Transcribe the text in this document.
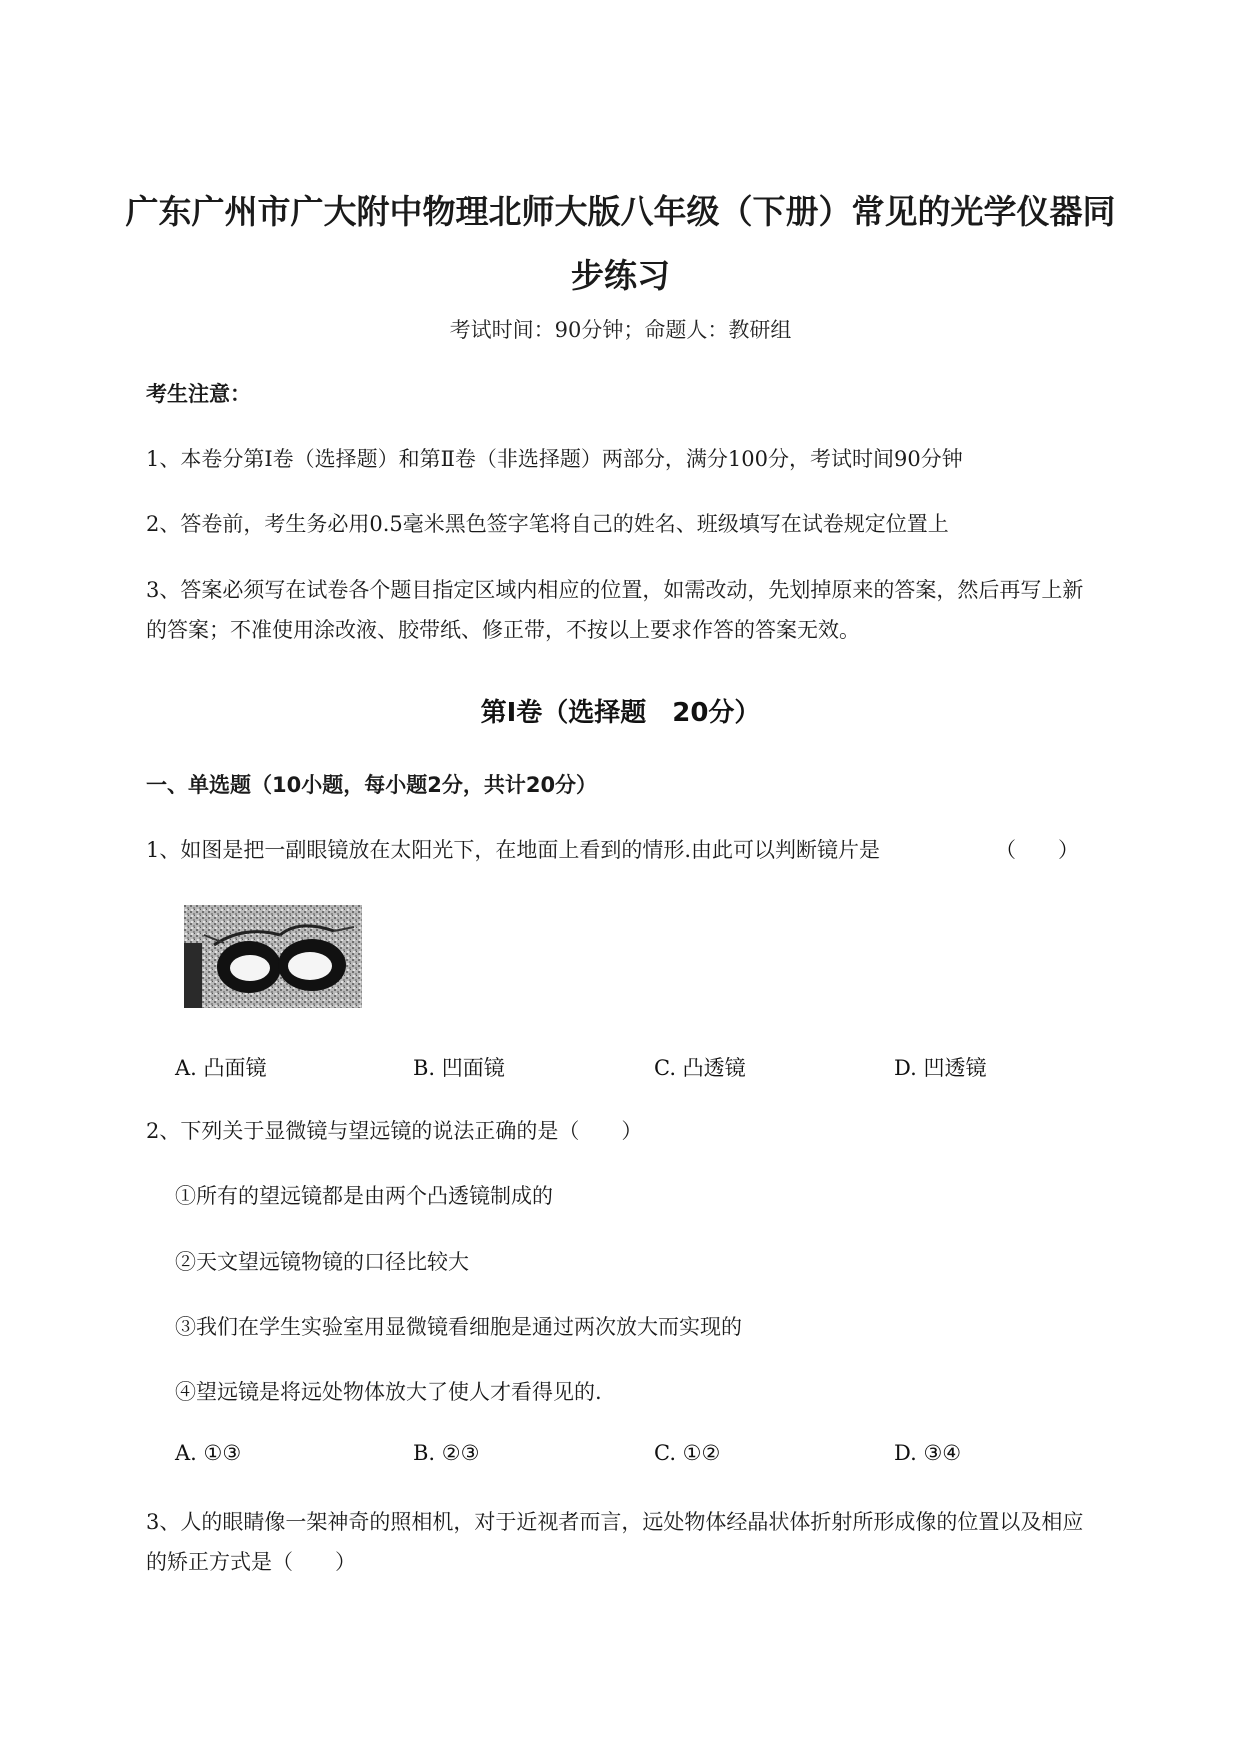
广东广州市广大附中物理北师大版八年级（下册）常见的光学仪器同
步练习
考试时间：90分钟；命题人：教研组
考生注意：
1、本卷分第Ⅰ卷（选择题）和第Ⅱ卷（非选择题）两部分，满分100分，考试时间90分钟
2、答卷前，考生务必用0.5毫米黑色签字笔将自己的姓名、班级填写在试卷规定位置上
3、答案必须写在试卷各个题目指定区域内相应的位置，如需改动，先划掉原来的答案，然后再写上新
的答案；不准使用涂改液、胶带纸、修正带，不按以上要求作答的答案无效。
第Ⅰ卷（选择题　20分）
一、单选题（10小题，每小题2分，共计20分）
1、如图是把一副眼镜放在太阳光下，在地面上看到的情形.由此可以判断镜片是	（　　）
A. 凸面镜	B. 凹面镜	C. 凸透镜	D. 凹透镜
2、下列关于显微镜与望远镜的说法正确的是（　　）
①所有的望远镜都是由两个凸透镜制成的
②天文望远镜物镜的口径比较大
③我们在学生实验室用显微镜看细胞是通过两次放大而实现的
④望远镜是将远处物体放大了使人才看得见的.
A. ①③	B. ②③	C. ①②	D. ③④
3、人的眼睛像一架神奇的照相机，对于近视者而言，远处物体经晶状体折射所形成像的位置以及相应
的矫正方式是（　　）
